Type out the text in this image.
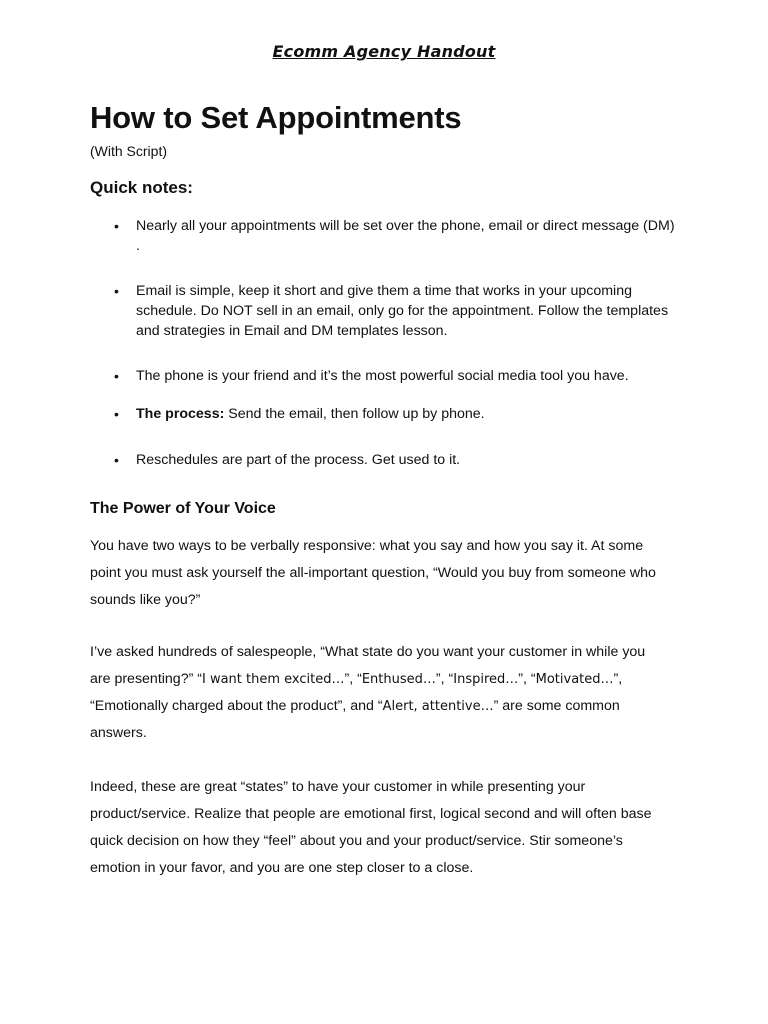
Ecomm Agency Handout
How to Set Appointments
(With Script)
Quick notes:
• Nearly all your appointments will be set over the phone, email or direct message (DM) .
• Email is simple, keep it short and give them a time that works in your upcoming schedule. Do NOT sell in an email, only go for the appointment. Follow the templates and strategies in Email and DM templates lesson.
• The phone is your friend and it’s the most powerful social media tool you have.
• The process: Send the email, then follow up by phone.
• Reschedules are part of the process. Get used to it.
The Power of Your Voice

You have two ways to be verbally responsive: what you say and how you say it. At some point you must ask yourself the all-important question, “Would you buy from someone who sounds like you?”

I’ve asked hundreds of salespeople, “What state do you want your customer in while you are presenting?” “I want them excited…”, “Enthused…”, “Inspired…”, “Motivated…”, “Emotionally charged about the product”, and “Alert, attentive…” are some common answers.

Indeed, these are great “states” to have your customer in while presenting your product/service. Realize that people are emotional first, logical second and will often base quick decision on how they “feel” about you and your product/service. Stir someone’s emotion in your favor, and you are one step closer to a close.
